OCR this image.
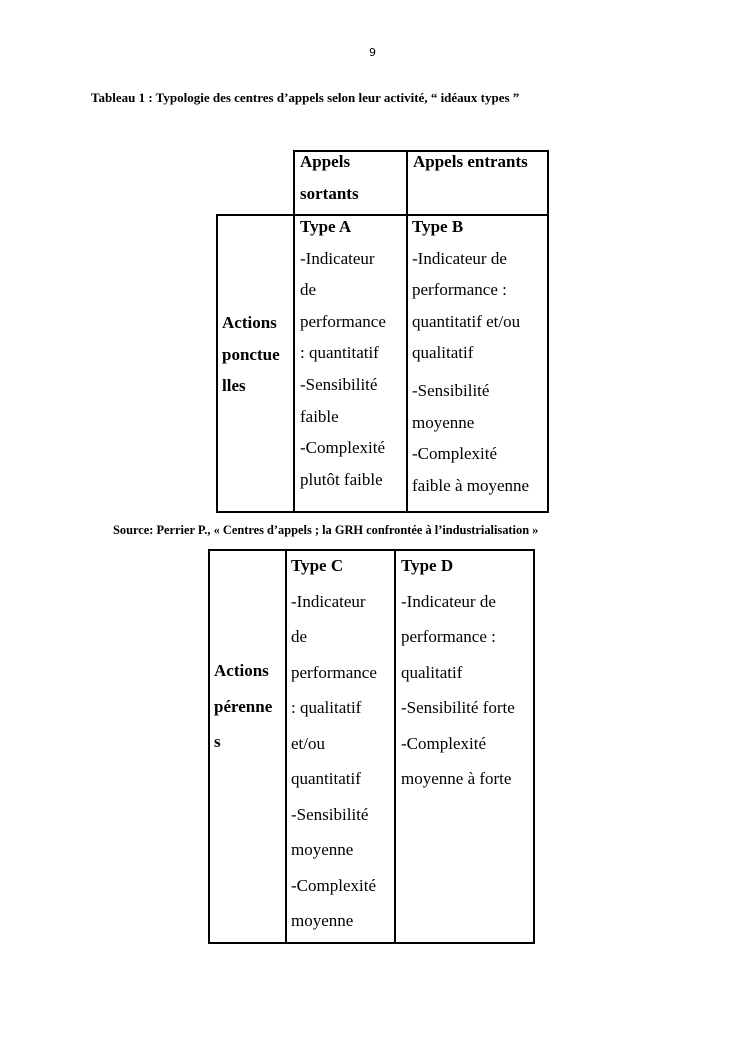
9
Tableau 1 : Typologie des centres d’appels selon leur activité, “ idéaux types ”
Appels
sortants
Appels entrants
Actions
ponctue
lles
Type A
-Indicateur
de
performance
: quantitatif
-Sensibilité
faible
-Complexité
plutôt faible
Type B
-Indicateur de
performance :
quantitatif et/ou
qualitatif
-Sensibilité
moyenne
-Complexité
faible à moyenne
Source: Perrier P., « Centres d’appels ; la GRH confrontée à l’industrialisation »
Actions
pérenne
s
Type C
-Indicateur
de
performance
: qualitatif
et/ou
quantitatif
-Sensibilité
moyenne
-Complexité
moyenne
Type D
-Indicateur de
performance :
qualitatif
-Sensibilité forte
-Complexité
moyenne à forte
